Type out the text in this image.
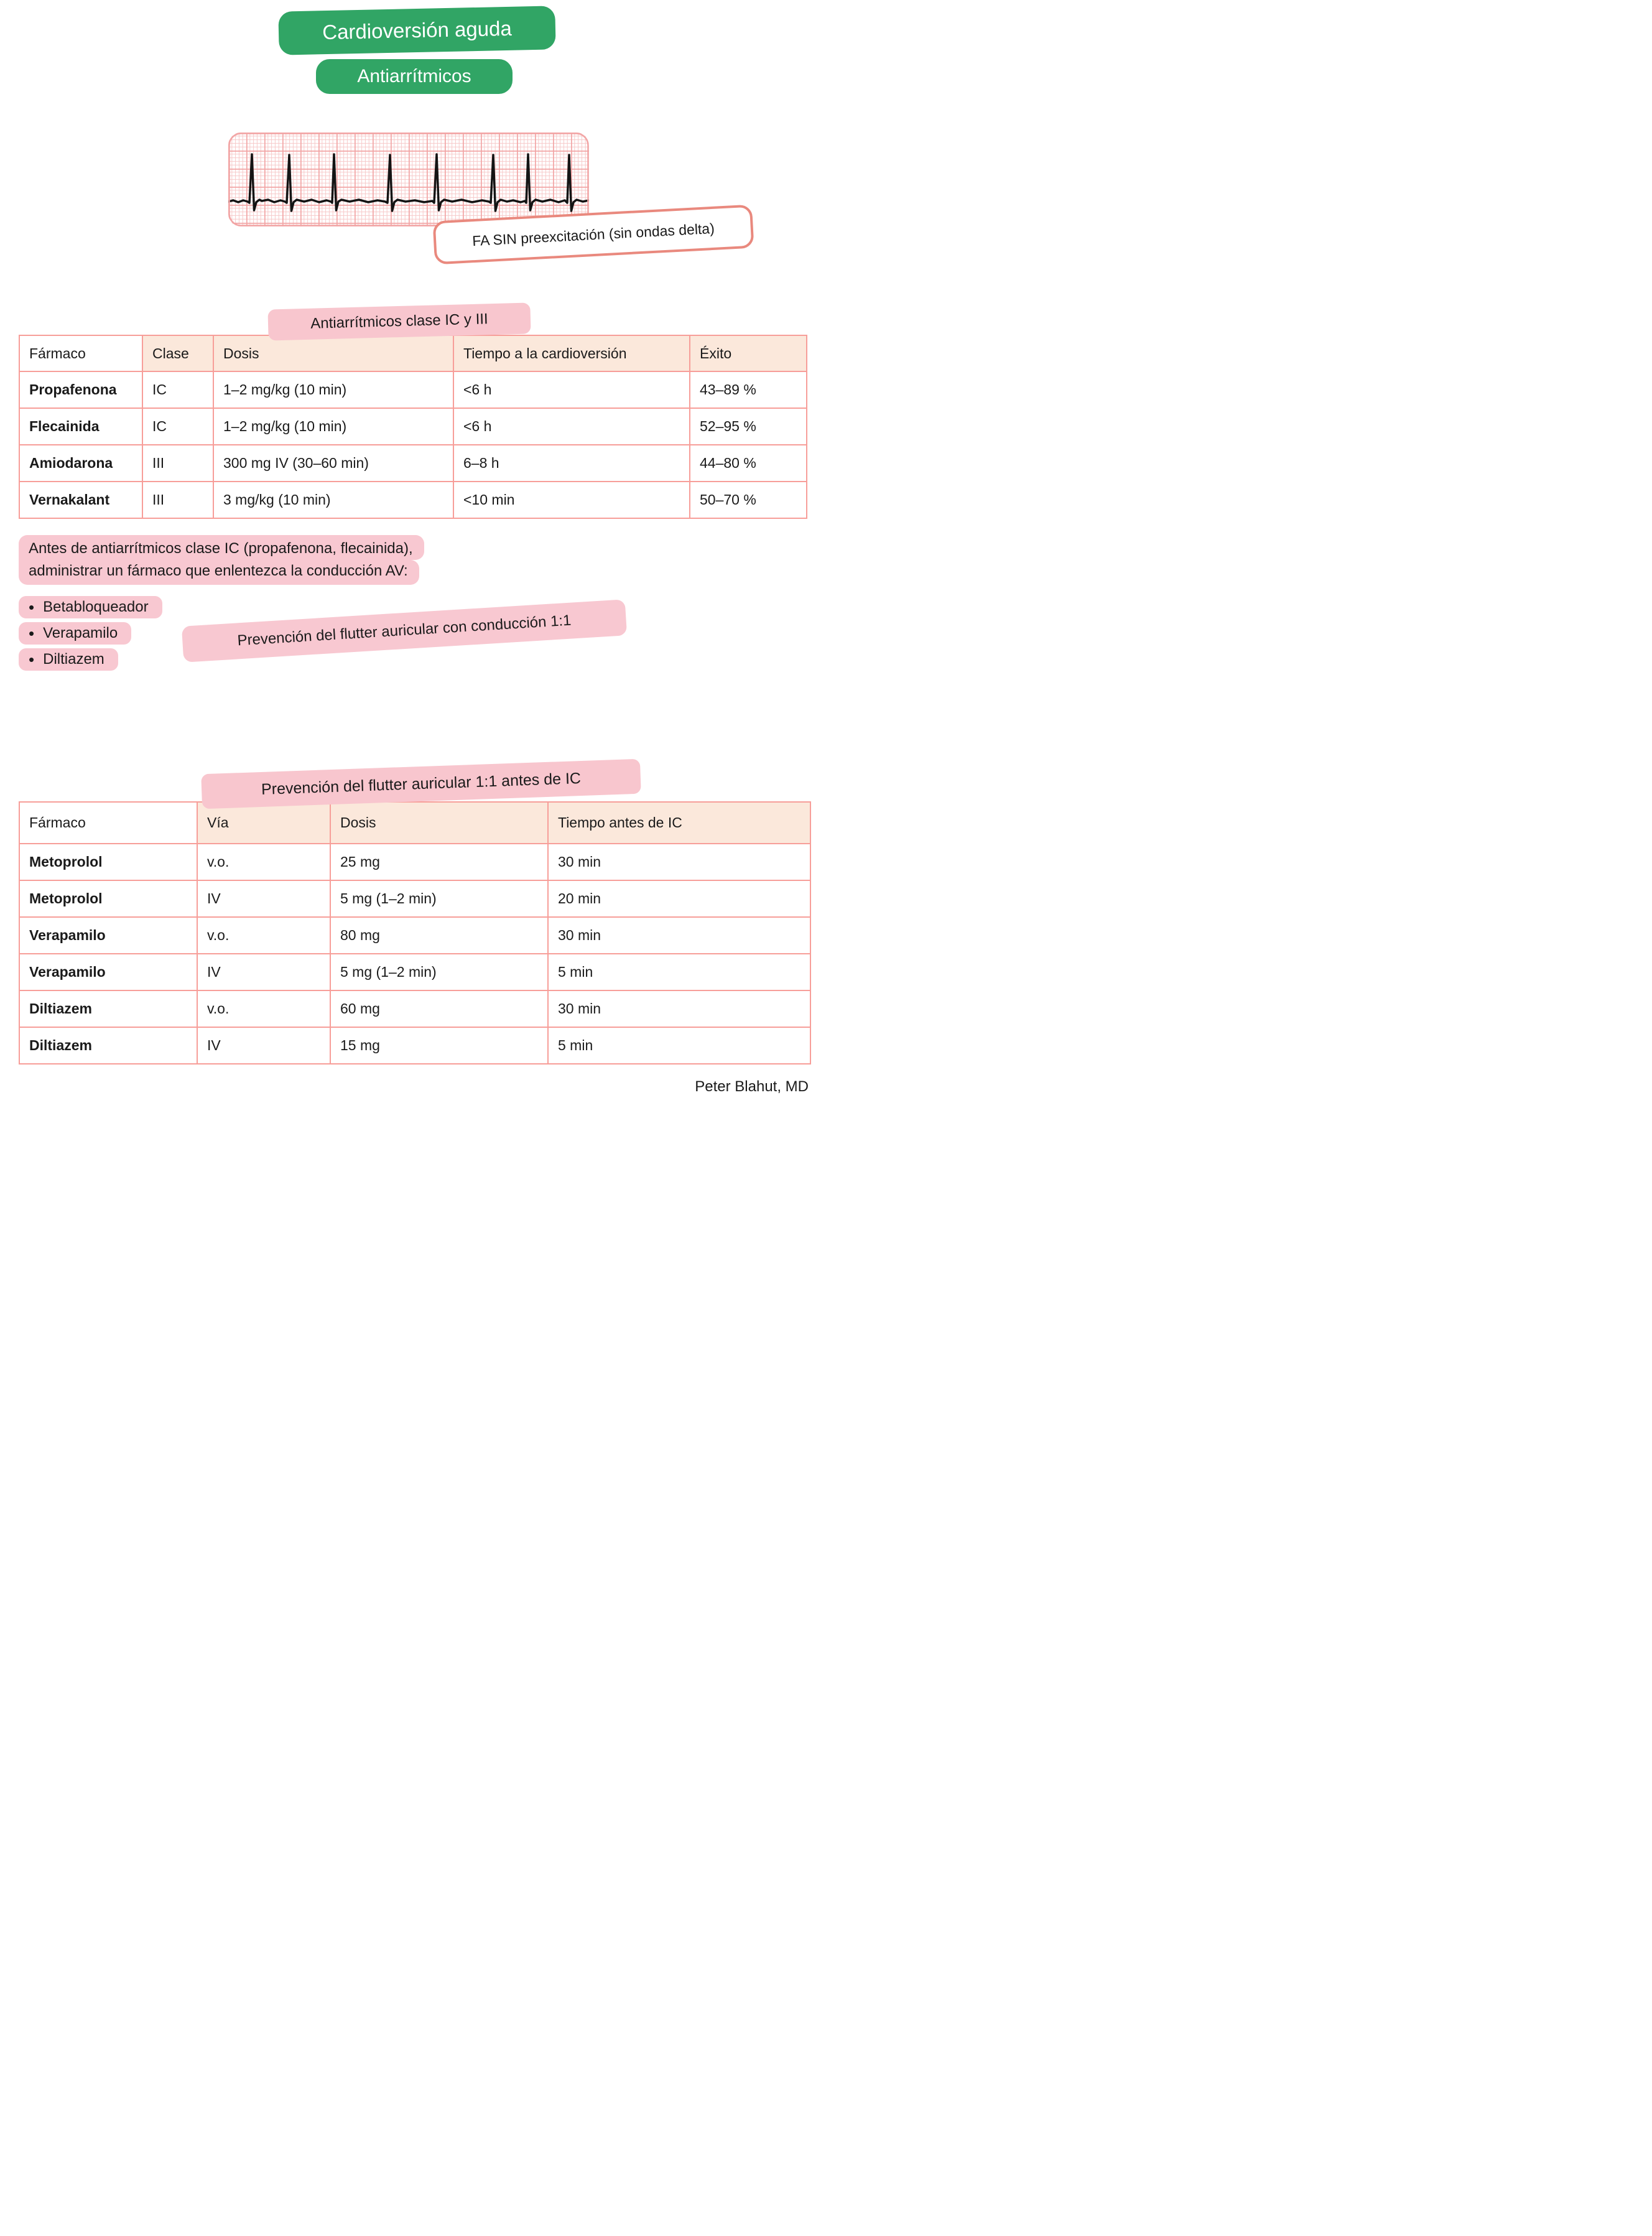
Cardioversión aguda
Antiarrítmicos
FA SIN preexcitación (sin ondas delta)
Antiarrítmicos clase IC y III
Fármaco	Clase	Dosis	Tiempo a la cardioversión	Éxito
Propafenona	IC	1–2 mg/kg (10 min)	<6 h	43–89 %
Flecainida	IC	1–2 mg/kg (10 min)	<6 h	52–95 %
Amiodarona	III	300 mg IV (30–60 min)	6–8 h	44–80 %
Vernakalant	III	3 mg/kg (10 min)	<10 min	50–70 %
Antes de antiarrítmicos clase IC (propafenona, flecainida),
administrar un fármaco que enlentezca la conducción AV:
• Betabloqueador
• Verapamilo
• Diltiazem
Prevención del flutter auricular con conducción 1:1
Prevención del flutter auricular 1:1 antes de IC
Fármaco	Vía	Dosis	Tiempo antes de IC
Metoprolol	v.o.	25 mg	30 min
Metoprolol	IV	5 mg (1–2 min)	20 min
Verapamilo	v.o.	80 mg	30 min
Verapamilo	IV	5 mg (1–2 min)	5 min
Diltiazem	v.o.	60 mg	30 min
Diltiazem	IV	15 mg	5 min
Peter Blahut, MD
